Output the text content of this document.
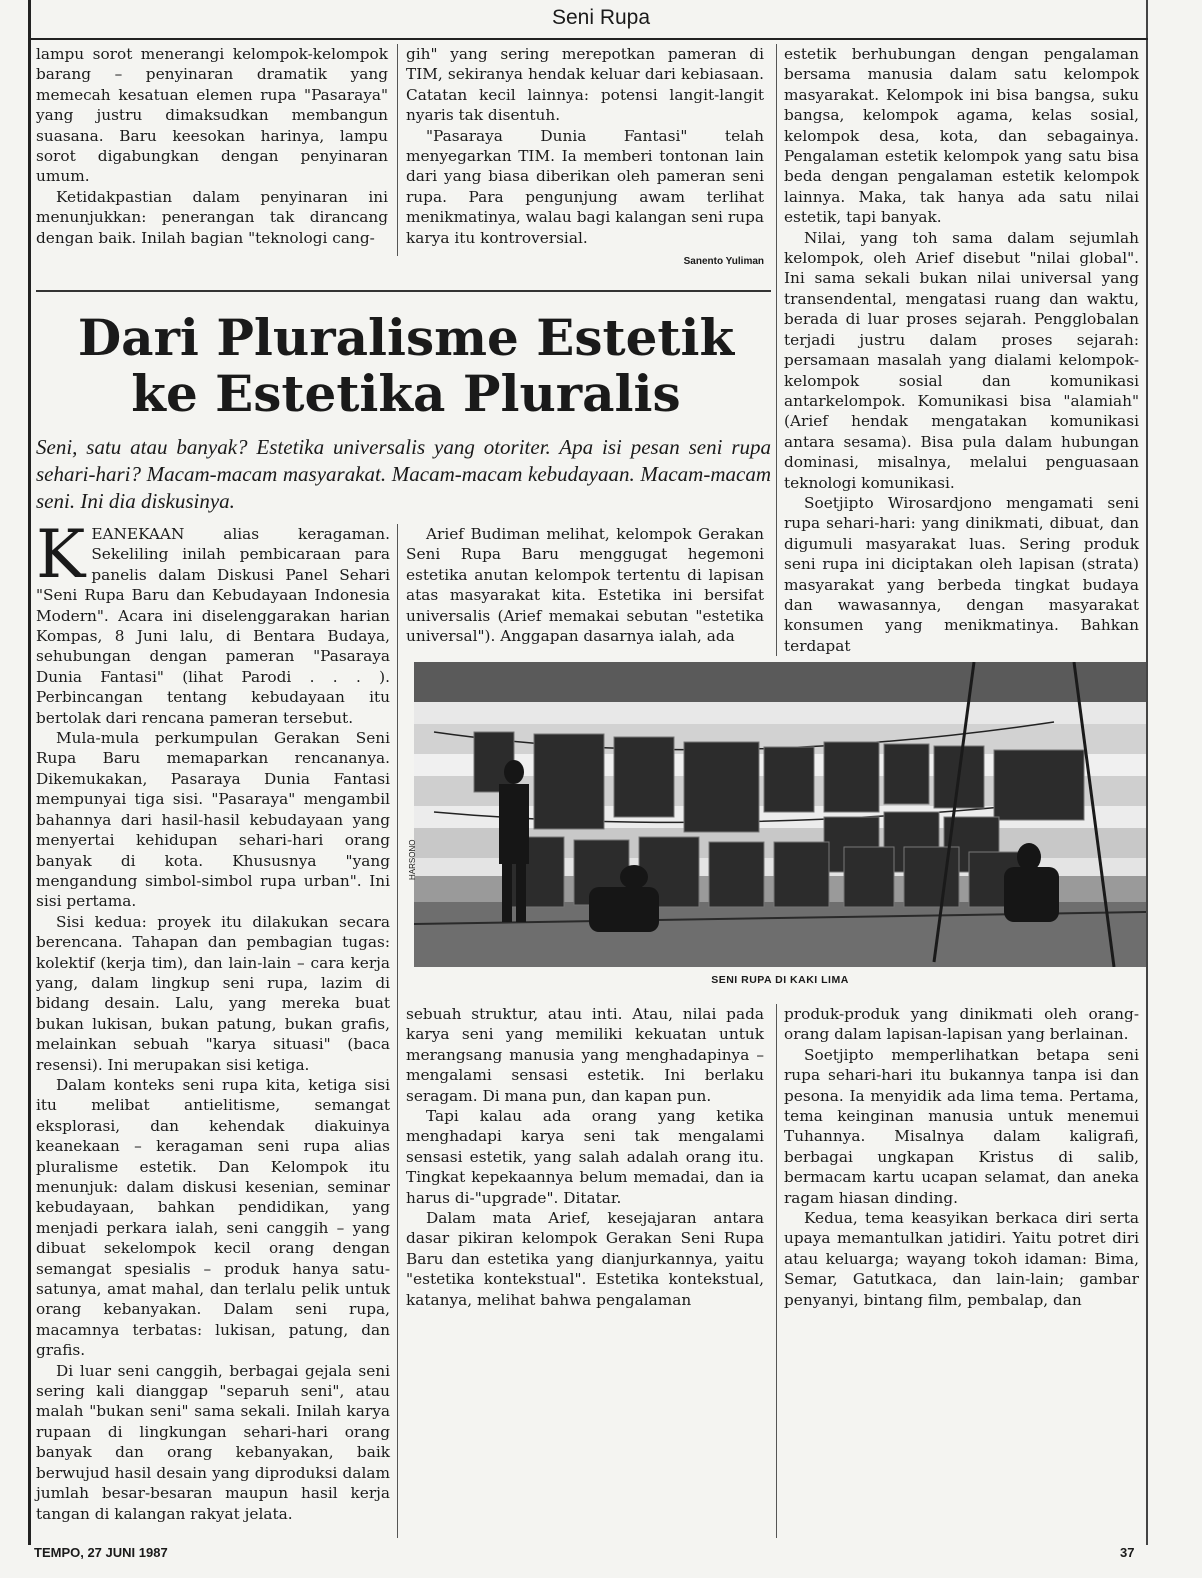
Seni Rupa

lampu sorot menerangi kelompok-kelompok barang – penyinaran dramatik yang memecah kesatuan elemen rupa "Pasaraya" yang justru dimaksudkan membangun suasana. Baru keesokan harinya, lampu sorot digabungkan dengan penyinaran umum.

Ketidakpastian dalam penyinaran ini menunjukkan: penerangan tak dirancang dengan baik. Inilah bagian "teknologi cang-

gih" yang sering merepotkan pameran di TIM, sekiranya hendak keluar dari kebiasaan. Catatan kecil lainnya: potensi langit-langit nyaris tak disentuh.

"Pasaraya Dunia Fantasi" telah menyegarkan TIM. Ia memberi tontonan lain dari yang biasa diberikan oleh pameran seni rupa. Para pengunjung awam terlihat menikmatinya, walau bagi kalangan seni rupa karya itu kontroversial.

Sanento Yuliman
Dari Pluralisme Estetik
ke Estetika Pluralis
Seni, satu atau banyak? Estetika universalis yang otoriter. Apa isi pesan seni rupa sehari-hari? Macam-macam masyarakat. Macam-macam kebudayaan. Macam-macam seni. Ini dia diskusinya.

KEANEKAAN alias keragaman. Sekeliling inilah pembicaraan para panelis dalam Diskusi Panel Sehari "Seni Rupa Baru dan Kebudayaan Indonesia Modern". Acara ini diselenggarakan harian Kompas, 8 Juni lalu, di Bentara Budaya, sehubungan dengan pameran "Pasaraya Dunia Fantasi" (lihat Parodi . . . ). Perbincangan tentang kebudayaan itu bertolak dari rencana pameran tersebut.

Mula-mula perkumpulan Gerakan Seni Rupa Baru memaparkan rencananya. Dikemukakan, Pasaraya Dunia Fantasi mempunyai tiga sisi. "Pasaraya" mengambil bahannya dari hasil-hasil kebudayaan yang menyertai kehidupan sehari-hari orang banyak di kota. Khususnya "yang mengandung simbol-simbol rupa urban". Ini sisi pertama.

Sisi kedua: proyek itu dilakukan secara berencana. Tahapan dan pembagian tugas: kolektif (kerja tim), dan lain-lain – cara kerja yang, dalam lingkup seni rupa, lazim di bidang desain. Lalu, yang mereka buat bukan lukisan, bukan patung, bukan grafis, melainkan sebuah "karya situasi" (baca resensi). Ini merupakan sisi ketiga.

Dalam konteks seni rupa kita, ketiga sisi itu melibat antielitisme, semangat eksplorasi, dan kehendak diakuinya keanekaan – keragaman seni rupa alias pluralisme estetik. Dan Kelompok itu menunjuk: dalam diskusi kesenian, seminar kebudayaan, bahkan pendidikan, yang menjadi perkara ialah, seni canggih – yang dibuat sekelompok kecil orang dengan semangat spesialis – produk hanya satu-satunya, amat mahal, dan terlalu pelik untuk orang kebanyakan. Dalam seni rupa, macamnya terbatas: lukisan, patung, dan grafis.

Di luar seni canggih, berbagai gejala seni sering kali dianggap "separuh seni", atau malah "bukan seni" sama sekali. Inilah karya rupaan di lingkungan sehari-hari orang banyak dan orang kebanyakan, baik berwujud hasil desain yang diproduksi dalam jumlah besar-besaran maupun hasil kerja tangan di kalangan rakyat jelata.

Arief Budiman melihat, kelompok Gerakan Seni Rupa Baru menggugat hegemoni estetika anutan kelompok tertentu di lapisan atas masyarakat kita. Estetika ini bersifat universalis (Arief memakai sebutan "estetika universal"). Anggapan dasarnya ialah, ada

estetik berhubungan dengan pengalaman bersama manusia dalam satu kelompok masyarakat. Kelompok ini bisa bangsa, suku bangsa, kelompok agama, kelas sosial, kelompok desa, kota, dan sebagainya. Pengalaman estetik kelompok yang satu bisa beda dengan pengalaman estetik kelompok lainnya. Maka, tak hanya ada satu nilai estetik, tapi banyak.

Nilai, yang toh sama dalam sejumlah kelompok, oleh Arief disebut "nilai global". Ini sama sekali bukan nilai universal yang transendental, mengatasi ruang dan waktu, berada di luar proses sejarah. Pengglobalan terjadi justru dalam proses sejarah: persamaan masalah yang dialami kelompok-kelompok sosial dan komunikasi antarkelompok. Komunikasi bisa "alamiah" (Arief hendak mengatakan komunikasi antara sesama). Bisa pula dalam hubungan dominasi, misalnya, melalui penguasaan teknologi komunikasi.

Soetjipto Wirosardjono mengamati seni rupa sehari-hari: yang dinikmati, dibuat, dan digumuli masyarakat luas. Sering produk seni rupa ini diciptakan oleh lapisan (strata) masyarakat yang berbeda tingkat budaya dan wawasannya, dengan masyarakat konsumen yang menikmatinya. Bahkan terdapat

HARSONO
SENI RUPA DI KAKI LIMA

sebuah struktur, atau inti. Atau, nilai pada karya seni yang memiliki kekuatan untuk merangsang manusia yang menghadapinya – mengalami sensasi estetik. Ini berlaku seragam. Di mana pun, dan kapan pun.

Tapi kalau ada orang yang ketika menghadapi karya seni tak mengalami sensasi estetik, yang salah adalah orang itu. Tingkat kepekaannya belum memadai, dan ia harus di-"upgrade". Ditatar.

Dalam mata Arief, kesejajaran antara dasar pikiran kelompok Gerakan Seni Rupa Baru dan estetika yang dianjurkannya, yaitu "estetika kontekstual". Estetika kontekstual, katanya, melihat bahwa pengalaman

produk-produk yang dinikmati oleh orang-orang dalam lapisan-lapisan yang berlainan.

Soetjipto memperlihatkan betapa seni rupa sehari-hari itu bukannya tanpa isi dan pesona. Ia menyidik ada lima tema. Pertama, tema keinginan manusia untuk menemui Tuhannya. Misalnya dalam kaligrafi, berbagai ungkapan Kristus di salib, bermacam kartu ucapan selamat, dan aneka ragam hiasan dinding.

Kedua, tema keasyikan berkaca diri serta upaya memantulkan jatidiri. Yaitu potret diri atau keluarga; wayang tokoh idaman: Bima, Semar, Gatutkaca, dan lain-lain; gambar penyanyi, bintang film, pembalap, dan

TEMPO, 27 JUNI 1987	37
